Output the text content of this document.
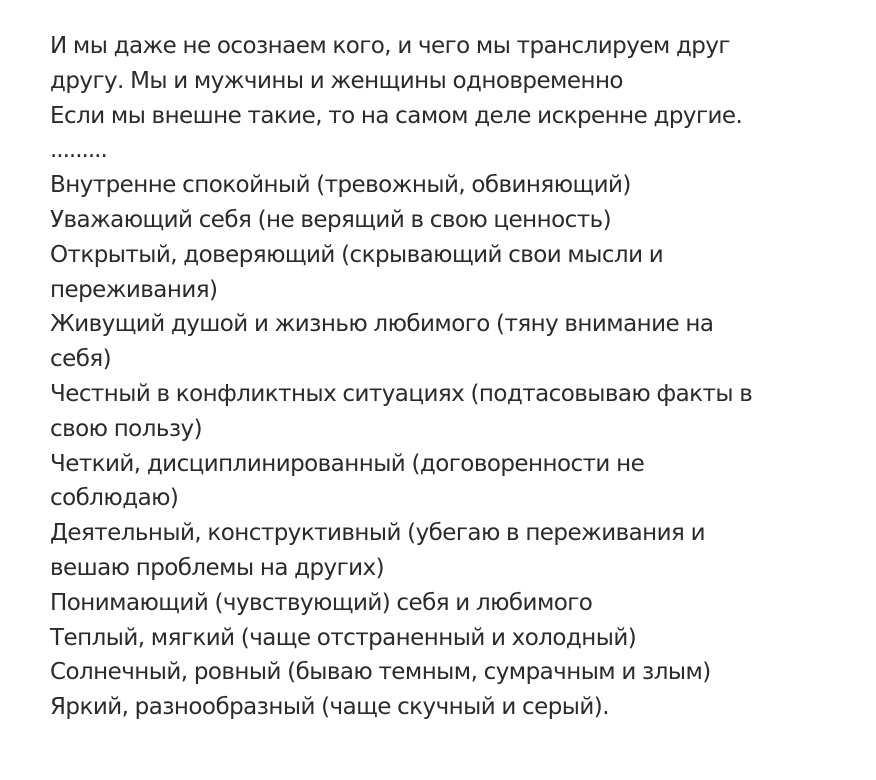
И мы даже не осознаем кого, и чего мы транслируем друг
другу. Мы и мужчины и женщины одновременно
Если мы внешне такие, то на самом деле искренне другие.
.........
Внутренне спокойный (тревожный, обвиняющий)
Уважающий себя (не верящий в свою ценность)
Открытый, доверяющий (скрывающий свои мысли и
переживания)
Живущий душой и жизнью любимого (тяну внимание на
себя)
Честный в конфликтных ситуациях (подтасовываю факты в
свою пользу)
Четкий, дисциплинированный (договоренности не
соблюдаю)
Деятельный, конструктивный (убегаю в переживания и
вешаю проблемы на других)
Понимающий (чувствующий) себя и любимого
Теплый, мягкий (чаще отстраненный и холодный)
Солнечный, ровный (бываю темным, сумрачным и злым)
Яркий, разнообразный (чаще скучный и серый).
